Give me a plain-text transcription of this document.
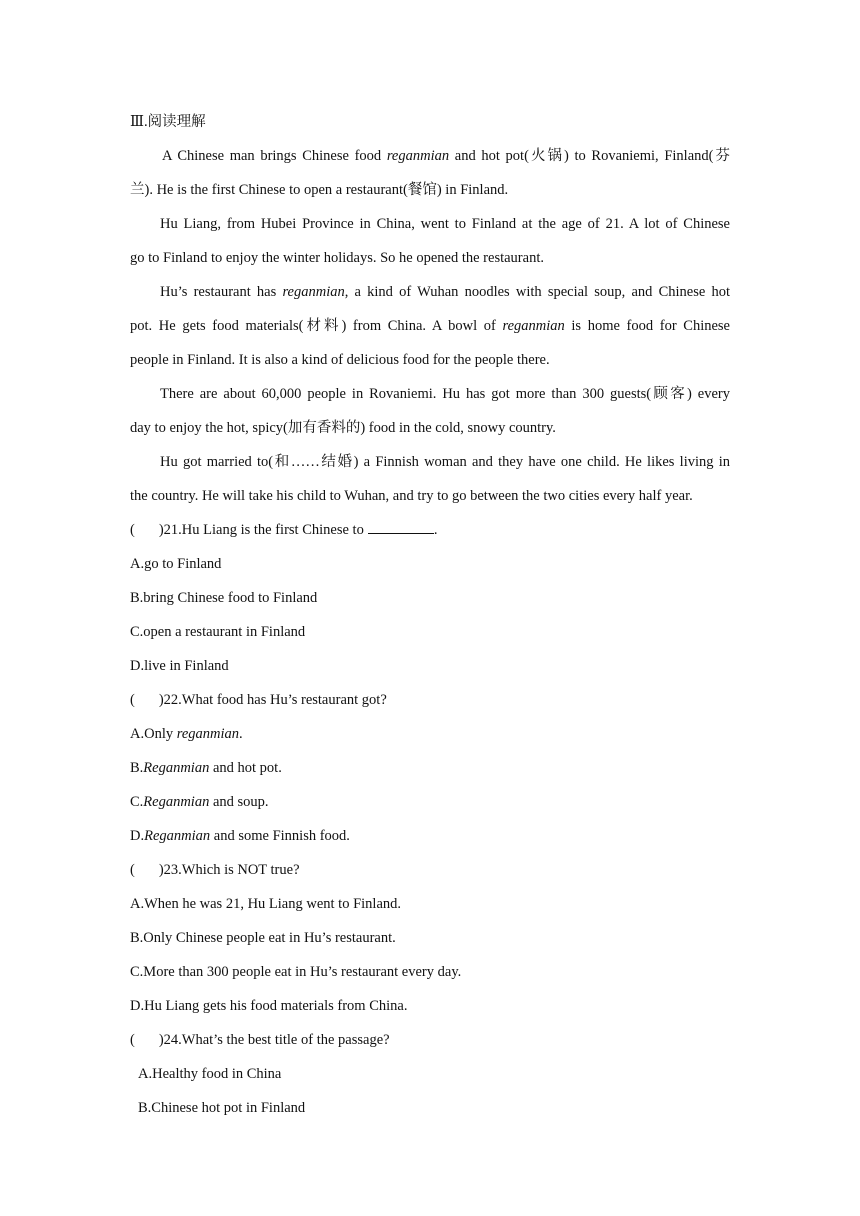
Ⅲ.阅读理解
A Chinese man brings Chinese food reganmian and hot pot(火锅) to Rovaniemi, Finland(芬
兰). He is the first Chinese to open a restaurant(餐馆) in Finland.
Hu Liang, from Hubei Province in China, went to Finland at the age of 21. A lot of Chinese
go to Finland to enjoy the winter holidays. So he opened the restaurant.
Hu’s restaurant has reganmian, a kind of Wuhan noodles with special soup, and Chinese hot
pot. He gets food materials(材料) from China. A bowl of reganmian is home food for Chinese
people in Finland. It is also a kind of delicious food for the people there.
There are about 60,000 people in Rovaniemi. Hu has got more than 300 guests(顾客) every
day to enjoy the hot, spicy(加有香料的) food in the cold, snowy country.
Hu got married to(和……结婚) a Finnish woman and they have one child. He likes living in
the country. He will take his child to Wuhan, and try to go between the two cities every half year.
( )21.Hu Liang is the first Chinese to	.
A.go to Finland
B.bring Chinese food to Finland
C.open a restaurant in Finland
D.live in Finland
( )22.What food has Hu’s restaurant got?
A.Only reganmian.
B.Reganmian and hot pot.
C.Reganmian and soup.
D.Reganmian and some Finnish food.
( )23.Which is NOT true?
A.When he was 21, Hu Liang went to Finland.
B.Only Chinese people eat in Hu’s restaurant.
C.More than 300 people eat in Hu’s restaurant every day.
D.Hu Liang gets his food materials from China.
( )24.What’s the best title of the passage?
A.Healthy food in China
B.Chinese hot pot in Finland
